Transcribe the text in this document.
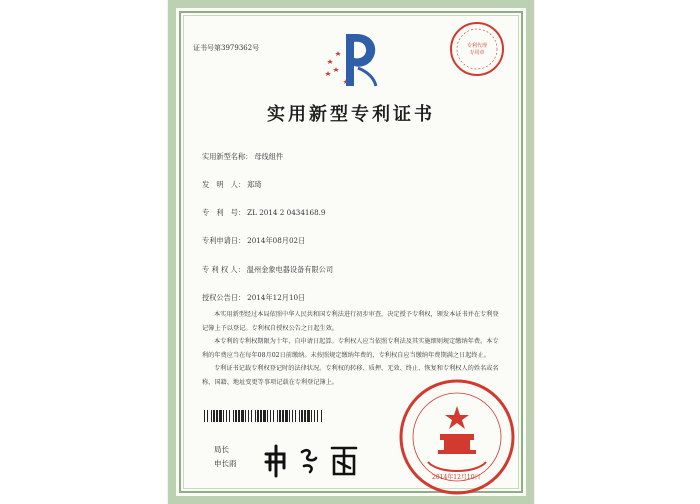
证书号第3979362号	专利代理
专用章
实用新型专利证书
实用新型名称： 母线组件
发　明　人： 郑琦
专　利　号： ZL 2014 2 0434168.9
专利申请日： 2014年08月02日
专 利 权 人： 温州金象电器设备有限公司
授权公告日： 2014年12月10日

本实用新型经过本局依照中华人民共和国专利法进行初步审查，决定授予专利权，颁发本证书并在专利登记簿上予以登记。专利权自授权公告之日起生效。

本专利的专利权期限为十年，自申请日起算。专利权人应当依照专利法及其实施细则规定缴纳年费。本专利的年费应当在每年08月02日前缴纳。未按照规定缴纳年费的，专利权自应当缴纳年费期满之日起终止。

专利证书记载专利权登记时的法律状况。专利权的转移、质押、无效、终止、恢复和专利权人的姓名或名称、国籍、地址变更等事项记载在专利登记簿上。

局长
申长雨
2014年12月10日
